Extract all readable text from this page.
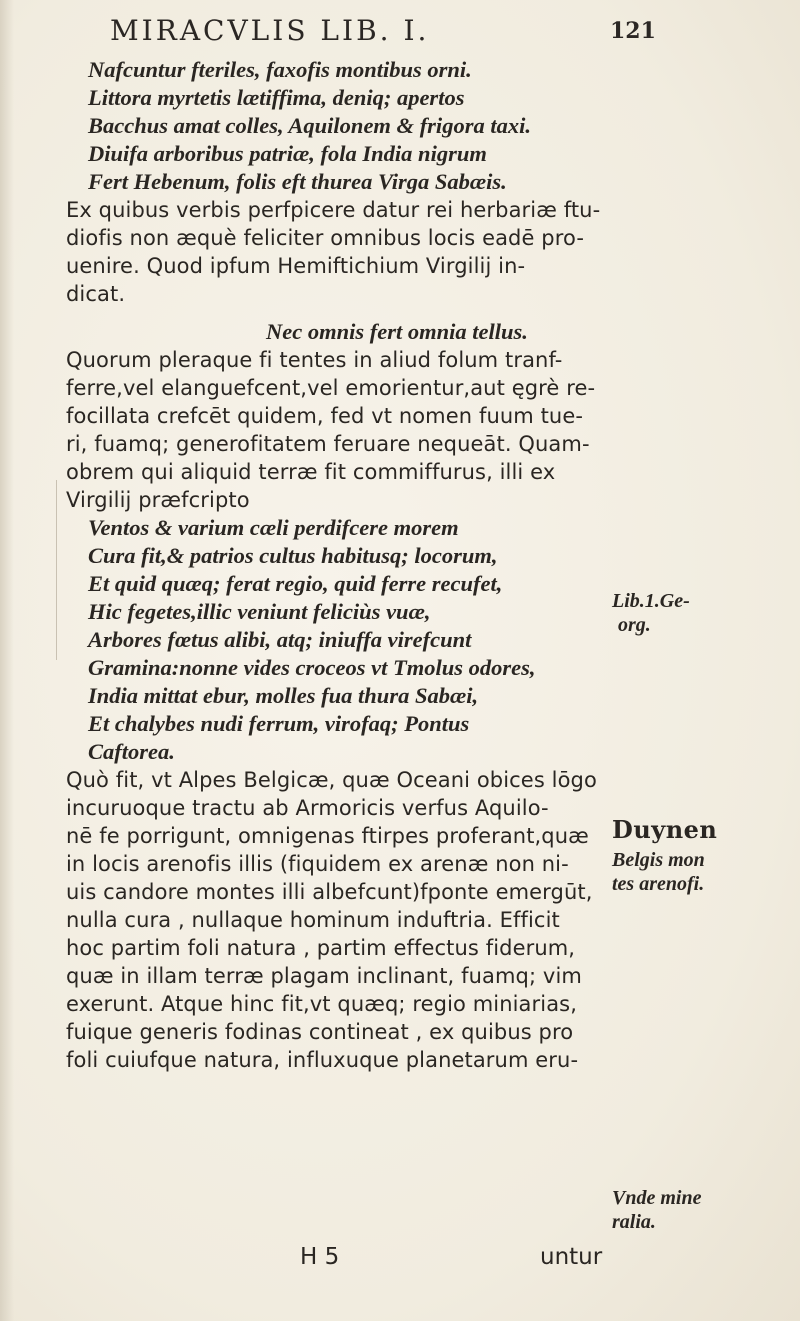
MIRACVLIS LIB. I.	121
Nafcuntur fteriles, faxofis montibus orni.
Littora myrtetis lætiffima, deniq; apertos
Bacchus amat colles, Aquilonem & frigora taxi.
Diuifa arboribus patriæ, fola India nigrum
Fert Hebenum, folis eft thurea Virga Sabæis.
Ex quibus verbis perfpicere datur rei herbariæ ftu-
diofis non æquè feliciter omnibus locis eadē pro-
uenire. Quod ipfum Hemiftichium Virgilij in-
dicat.
Nec omnis fert omnia tellus.
Quorum pleraque fi tentes in aliud folum tranf-
ferre,vel elanguefcent,vel emorientur,aut ęgrè re-
focillata crefcēt quidem, fed vt nomen fuum tue-
ri, fuamq; generofitatem feruare nequeāt. Quam-
obrem qui aliquid terræ fit commiffurus, illi ex
Virgilij præfcripto
Ventos & varium cæli perdifcere morem
Cura fit,& patrios cultus habitusq; locorum,
Et quid quæq; ferat regio, quid ferre recufet,
Hic fegetes,illic veniunt feliciùs vuæ,
Arbores fœtus alibi, atq; iniuffa virefcunt
Gramina:nonne vides croceos vt Tmolus odores,
India mittat ebur, molles fua thura Sabæi,
Et chalybes nudi ferrum, virofaq; Pontus
Caftorea.
Quò fit, vt Alpes Belgicæ, quæ Oceani obices lōgo
incuruoque tractu ab Armoricis verfus Aquilo-
nē fe porrigunt, omnigenas ftirpes proferant,quæ
in locis arenofis illis (fiquidem ex arenæ non ni-
uis candore montes illi albefcunt)fponte emergūt,
nulla cura , nullaque hominum induftria. Efficit
hoc partim foli natura , partim effectus fiderum,
quæ in illam terræ plagam inclinant, fuamq; vim
exerunt. Atque hinc fit,vt quæq; regio miniarias,
fuique generis fodinas contineat , ex quibus pro
foli cuiufque natura, influxuque planetarum eru-
Lib.1.Ge-
org.
Duynen
Belgis mon
tes arenofi.
Vnde mine
ralia.
H 5	untur
